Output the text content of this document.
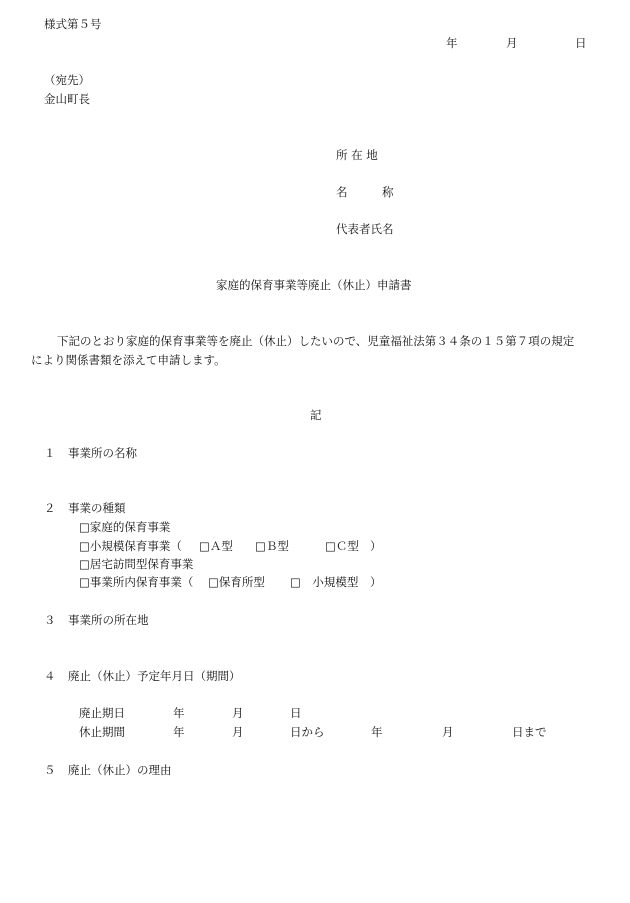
様式第５号
年	月	日
（宛先）
金山町長
所 在 地
名	称
代表者氏名
家庭的保育事業等廃止（休止）申請書
下記のとおり家庭的保育事業等を廃止（休止）したいので、児童福祉法第３４条の１５第７項の規定
により関係書類を添えて申請します。
記
１ 事業所の名称
２ 事業の種類
□家庭的保育事業
□小規模保育事業（ □Ａ型 □Ｂ型	□Ｃ型 ）
□居宅訪問型保育事業
□事業所内保育事業（ □保育所型 □　小規模型 ）
３ 事業所の所在地
４ 廃止（休止）予定年月日（期間）
廃止期日	年	月	日
休止期間	年	月	日から	年	月	日まで
５ 廃止（休止）の理由
